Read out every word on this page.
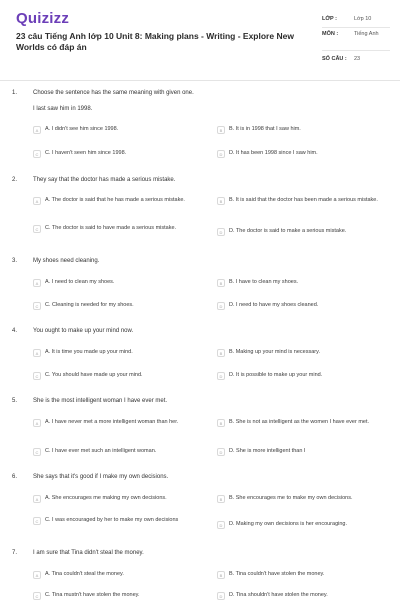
Quizizz
23 câu Tiếng Anh lớp 10 Unit 8: Making plans - Writing - Explore New Worlds có đáp án
LỚP :	Lớp 10
MÔN :	Tiếng Anh
SỐ CÂU : 23
1.	Choose the sentence has the same meaning with given one.
I last saw him in 1998.
A	A. I didn't see him since 1998.	B	B. It is in 1998 that I saw him.
C	C. I haven't seen him since 1998.	D	D. It has been 1998 since I saw him.
2.	They say that the doctor has made a serious mistake.
A	A. The doctor is said that he has made a serious mistake.	B	B. It is said that the doctor has been made a serious mistake.
C	C. The doctor is said to have made a serious mistake.
D	D. The doctor is said to make a serious mistake.
3.	My shoes need cleaning.
A	A. I need to clean my shoes.	B	B. I have to clean my shoes.
C	C. Cleaning is needed for my shoes.	D	D. I need to have my shoes cleaned.
4.	You ought to make up your mind now.
A	A. It is time you made up your mind.	B	B. Making up your mind is necessary.
C	C. You should have made up your mind.	D	D. It is possible to make up your mind.
5.	She is the most intelligent woman I have ever met.
A	A. I have never met a more intelligent woman than her.	B	B. She is not as intelligent as the women I have ever met.
C	C. I have ever met such an intelligent woman.	D	D. She is more intelligent than I
6.	She says that it's good if I make my own decisions.
A	A. She encourages me making my own decisions.	B	B. She encourages me to make my own decisions.
C	C. I was encouraged by her to make my own decisions
D	D. Making my own decisions is her encouraging.
7.	I am sure that Tina didn't steal the money.
A	A. Tina couldn't steal the money.	B	B. Tina couldn't have stolen the money.
C	C. Tina mustn't have stolen the money.	D	D. Tina shouldn't have stolen the money.
